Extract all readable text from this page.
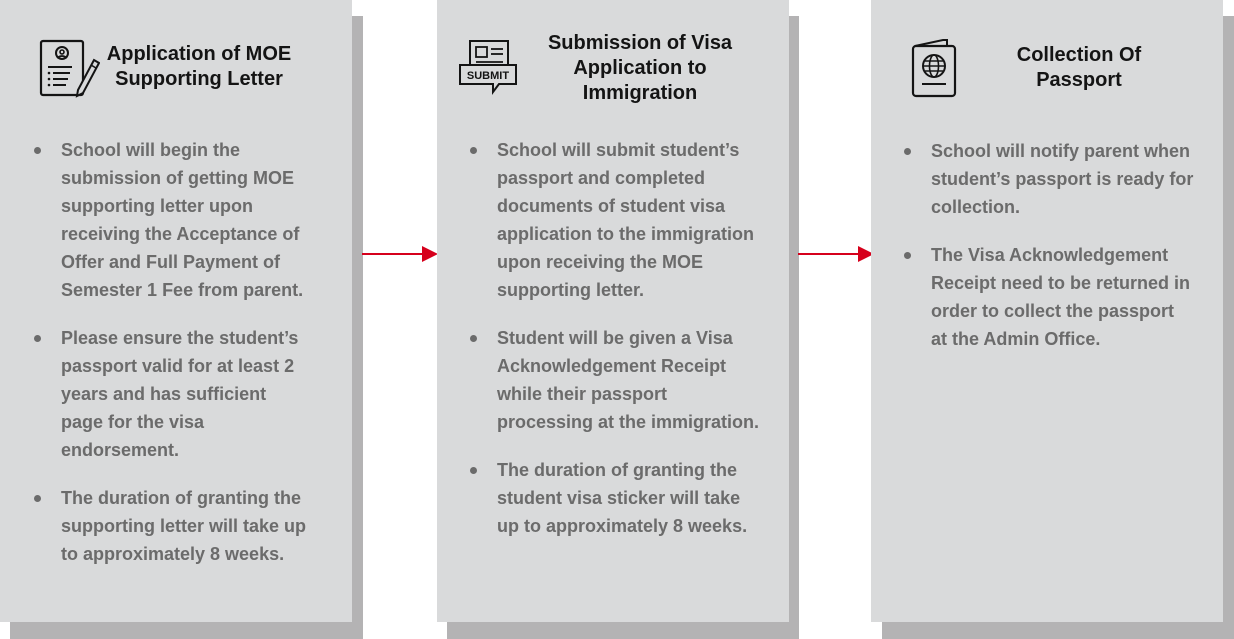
Application of MOE Supporting Letter
School will begin the submission of getting MOE supporting letter upon receiving the Acceptance of Offer and Full Payment of Semester 1 Fee from parent.
Please ensure the student’s passport valid for at least 2 years and has sufficient page for the visa endorsement.
The duration of granting the supporting letter will take up to approximately 8 weeks.
SUBMIT
Submission of Visa Application to Immigration
School will submit student’s passport and completed documents of student visa application to the immigration upon receiving the MOE supporting letter.
Student will be given a Visa Acknowledgement Receipt while their passport processing at the immigration.
The duration of granting the student visa sticker will take up to approximately 8 weeks.
Collection Of Passport
School will notify parent when student’s passport is ready for collection.
The Visa Acknowledgement Receipt need to be returned in order to collect the passport at the Admin Office.
